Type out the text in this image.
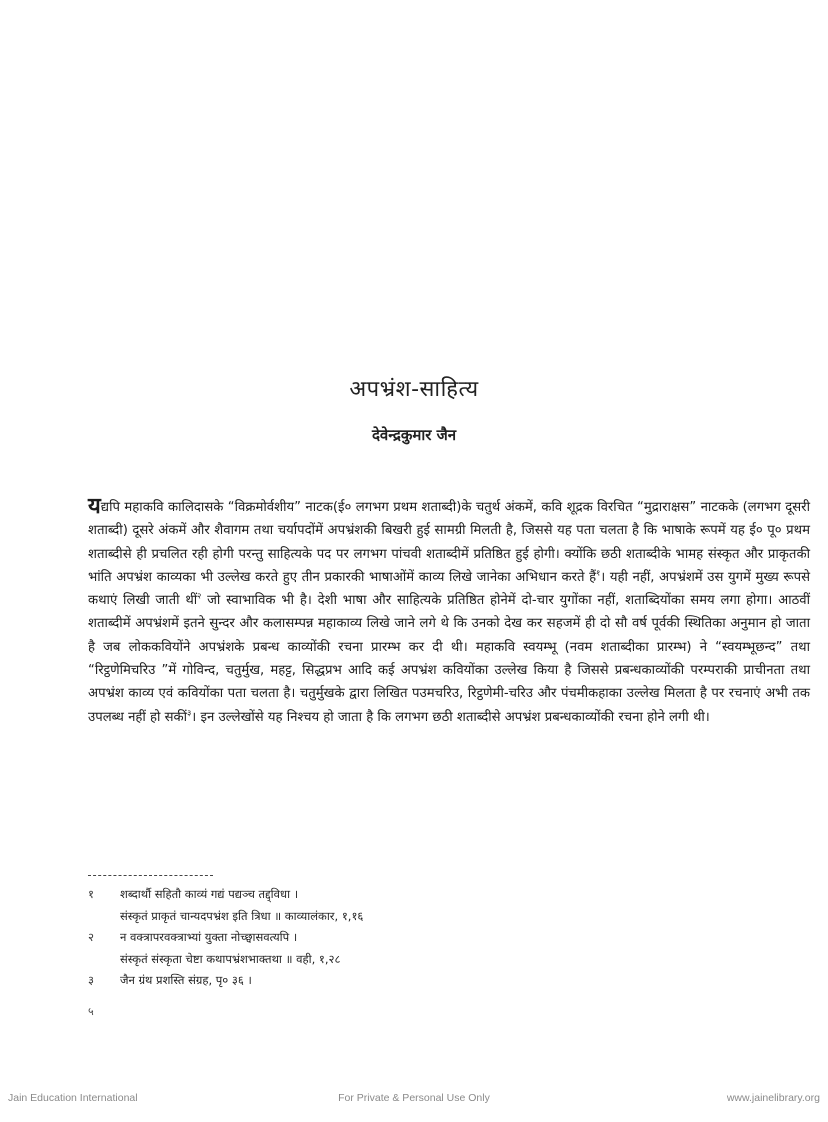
अपभ्रंश-साहित्य
देवेन्द्रकुमार जैन

यद्यपि महाकवि कालिदासके “विक्रमोर्वशीय” नाटक(ई० लगभग प्रथम शताब्दी)के चतुर्थ अंकमें, कवि शूद्रक विरचित “मुद्राराक्षस” नाटकके (लगभग दूसरी शताब्दी) दूसरे अंकमें और शैवागम तथा चर्यापदोंमें अपभ्रंशकी बिखरी हुई सामग्री मिलती है, जिससे यह पता चलता है कि भाषाके रूपमें यह ई० पू० प्रथम शताब्दीसे ही प्रचलित रही होगी परन्तु साहित्यके पद पर लगभग पांचवी शताब्दीमें प्रतिष्ठित हुई होगी। क्योंकि छठी शताब्दीके भामह संस्कृत और प्राकृतकी भांति अपभ्रंश काव्यका भी उल्लेख करते हुए तीन प्रकारकी भाषाओंमें काव्य लिखे जानेका अभिधान करते हैं$^१$। यही नहीं, अपभ्रंशमें उस युगमें मुख्य रूपसे कथाएं लिखी जाती थीं$^२$ जो स्वाभाविक भी है। देशी भाषा और साहित्यके प्रतिष्ठित होनेमें दो-चार युगोंका नहीं, शताब्दियोंका समय लगा होगा। आठवीं शताब्दीमें अपभ्रंशमें इतने सुन्दर और कलासम्पन्न महाकाव्य लिखे जाने लगे थे कि उनको देख कर सहजमें ही दो सौ वर्ष पूर्वकी स्थितिका अनुमान हो जाता है जब लोककवियोंने अपभ्रंशके प्रबन्ध काव्योंकी रचना प्रारम्भ कर दी थी। महाकवि स्वयम्भू (नवम शताब्दीका प्रारम्भ) ने “स्वयम्भूछन्द” तथा “रिट्ठणेमिचरिउ ”में गोविन्द, चतुर्मुख, महट्ट, सिद्धप्रभ आदि कई अपभ्रंश कवियोंका उल्लेख किया है जिससे प्रबन्धकाव्योंकी परम्पराकी प्राचीनता तथा अपभ्रंश काव्य एवं कवियोंका पता चलता है। चतुर्मुखके द्वारा लिखित पउमचरिउ, रिट्ठणेमी-चरिउ और पंचमीकहाका उल्लेख मिलता है पर रचनाएं अभी तक उपलब्ध नहीं हो सकीं$^३$। इन उल्लेखोंसे यह निश्चय हो जाता है कि लगभग छठी शताब्दीसे अपभ्रंश प्रबन्धकाव्योंकी रचना होने लगी थी।

१	शब्दार्थौ सहितौ काव्यं गद्यं पद्यञ्च तद्द्विधा ।
संस्कृतं प्राकृतं चान्यदपभ्रंश इति त्रिधा ॥ काव्यालंकार, १,१६
२	न वक्त्रापरवक्त्राभ्यां युक्ता नोच्छ्वासवत्यपि ।
संस्कृतं संस्कृता चेष्टा कथापभ्रंशभाक्तथा ॥ वही, १,२८
३	जैन ग्रंथ प्रशस्ति संग्रह, पृ० ३६ ।
५
Jain Education International	For Private & Personal Use Only	www.jainelibrary.org
